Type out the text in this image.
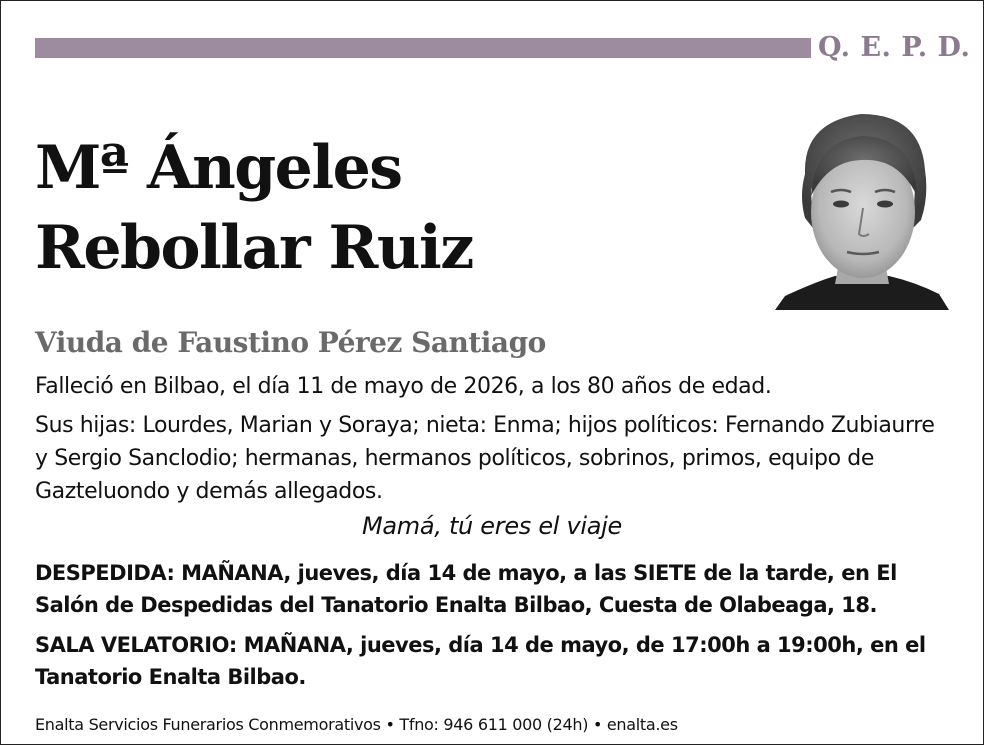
Q. E. P. D.
Mª Ángeles
Rebollar Ruiz
Viuda de Faustino Pérez Santiago
Falleció en Bilbao, el día 11 de mayo de 2026, a los 80 años de edad.
Sus hijas: Lourdes, Marian y Soraya; nieta: Enma; hijos políticos: Fernando Zubiaurre y Sergio Sanclodio; hermanas, hermanos políticos, sobrinos, primos, equipo de Gazteluondo y demás allegados.
Mamá, tú eres el viaje
DESPEDIDA: MAÑANA, jueves, día 14 de mayo, a las SIETE de la tarde, en El Salón de Despedidas del Tanatorio Enalta Bilbao, Cuesta de Olabeaga, 18.
SALA VELATORIO: MAÑANA, jueves, día 14 de mayo, de 17:00h a 19:00h, en el Tanatorio Enalta Bilbao.
Enalta Servicios Funerarios Conmemorativos • Tfno: 946 611 000 (24h) • enalta.es
